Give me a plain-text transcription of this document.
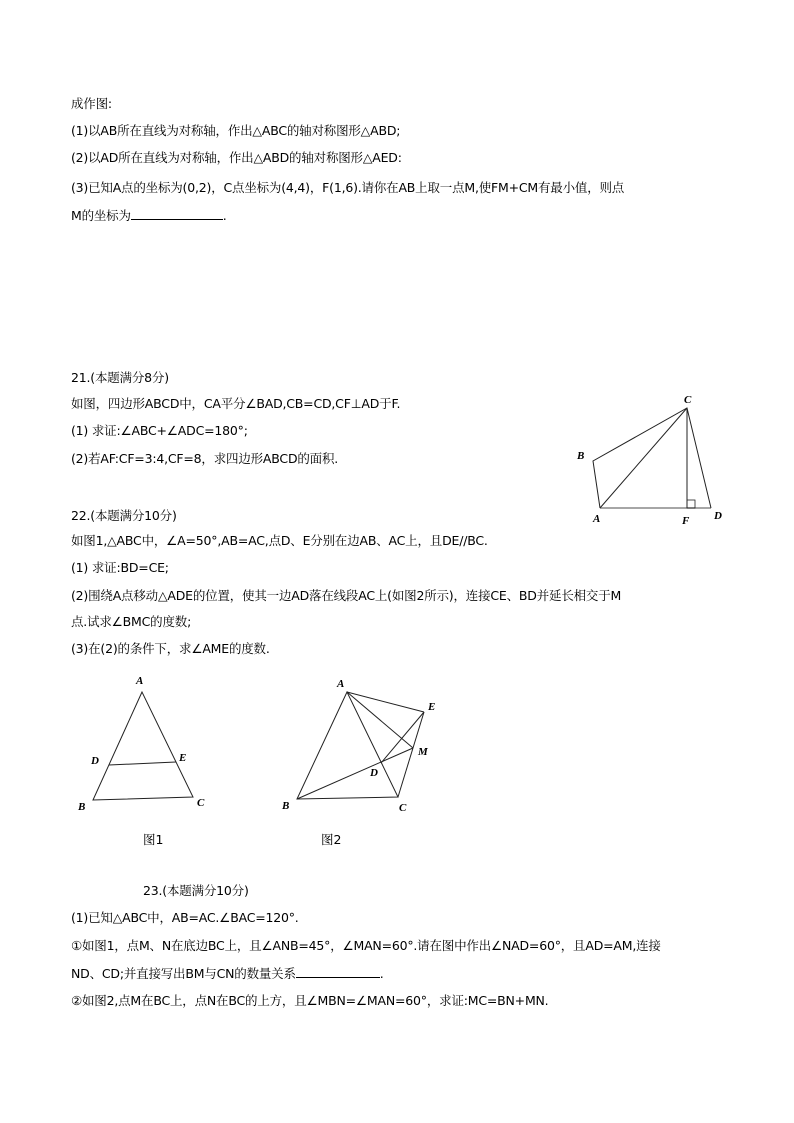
成作图:
(1)以AB所在直线为对称轴，作出△ABC的轴对称图形△ABD;
(2)以AD所在直线为对称轴，作出△ABD的轴对称图形△AED:
(3)已知A点的坐标为(0,2)，C点坐标为(4,4)，F(1,6).请你在AB上取一点M,使FM+CM有最小值，则点
M的坐标为	.
21.(本题满分8分)
如图，四边形ABCD中，CA平分∠BAD,CB=CD,CF⊥AD于F.
(1) 求证:∠ABC+∠ADC=180°;
(2)若AF:CF=3:4,CF=8，求四边形ABCD的面积.
22.(本题满分10分)
如图1,△ABC中，∠A=50°,AB=AC,点D、E分别在边AB、AC上，且DE//BC.
(1) 求证:BD=CE;
(2)围绕A点移动△ADE的位置，使其一边AD落在线段AC上(如图2所示)，连接CE、BD并延长相交于M
点.试求∠BMC的度数;
(3)在(2)的条件下，求∠AME的度数.
C
B
A	F D
A
D	E
B	C
A
E
M
D
B	C
图1	图2
23.(本题满分10分)
(1)已知△ABC中，AB=AC.∠BAC=120°.
①如图1，点M、N在底边BC上，且∠ANB=45°，∠MAN=60°.请在图中作出∠NAD=60°，且AD=AM,连接
ND、CD;并直接写出BM与CN的数量关系	.
②如图2,点M在BC上，点N在BC的上方，且∠MBN=∠MAN=60°，求证:MC=BN+MN.
